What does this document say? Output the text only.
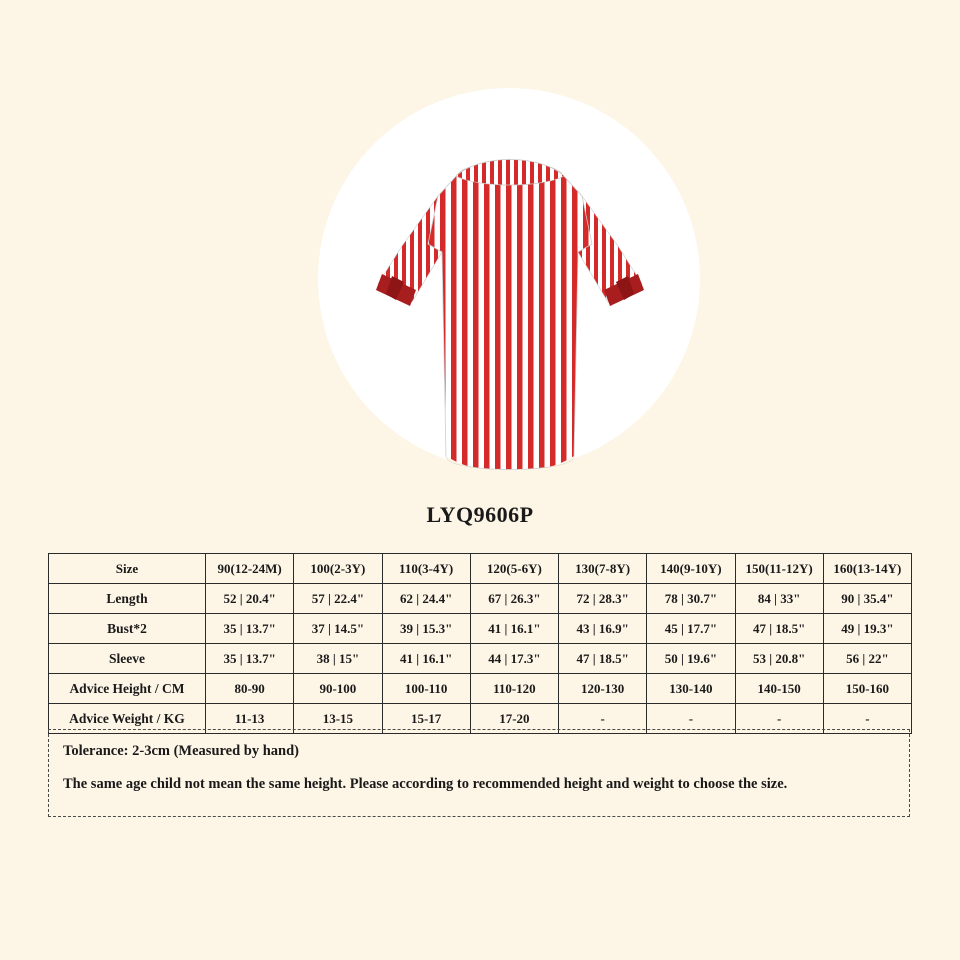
LYQ9606P
Size	90(12-24M)	100(2-3Y)	110(3-4Y)	120(5-6Y)	130(7-8Y)	140(9-10Y)	150(11-12Y)	160(13-14Y)
Length	52 | 20.4"	57 | 22.4"	62 | 24.4"	67 | 26.3"	72 | 28.3"	78 | 30.7"	84 | 33"	90 | 35.4"
Bust*2	35 | 13.7"	37 | 14.5"	39 | 15.3"	41 | 16.1"	43 | 16.9"	45 | 17.7"	47 | 18.5"	49 | 19.3"
Sleeve	35 | 13.7"	38 | 15"	41 | 16.1"	44 | 17.3"	47 | 18.5"	50 | 19.6"	53 | 20.8"	56 | 22"
Advice Height / CM	80-90	90-100	100-110	110-120	120-130	130-140	140-150	150-160
Advice Weight / KG	11-13	13-15	15-17	17-20	-	-	-	-

Tolerance: 2-3cm (Measured by hand)

The same age child not mean the same height. Please according to recommended height and weight to choose the size.
